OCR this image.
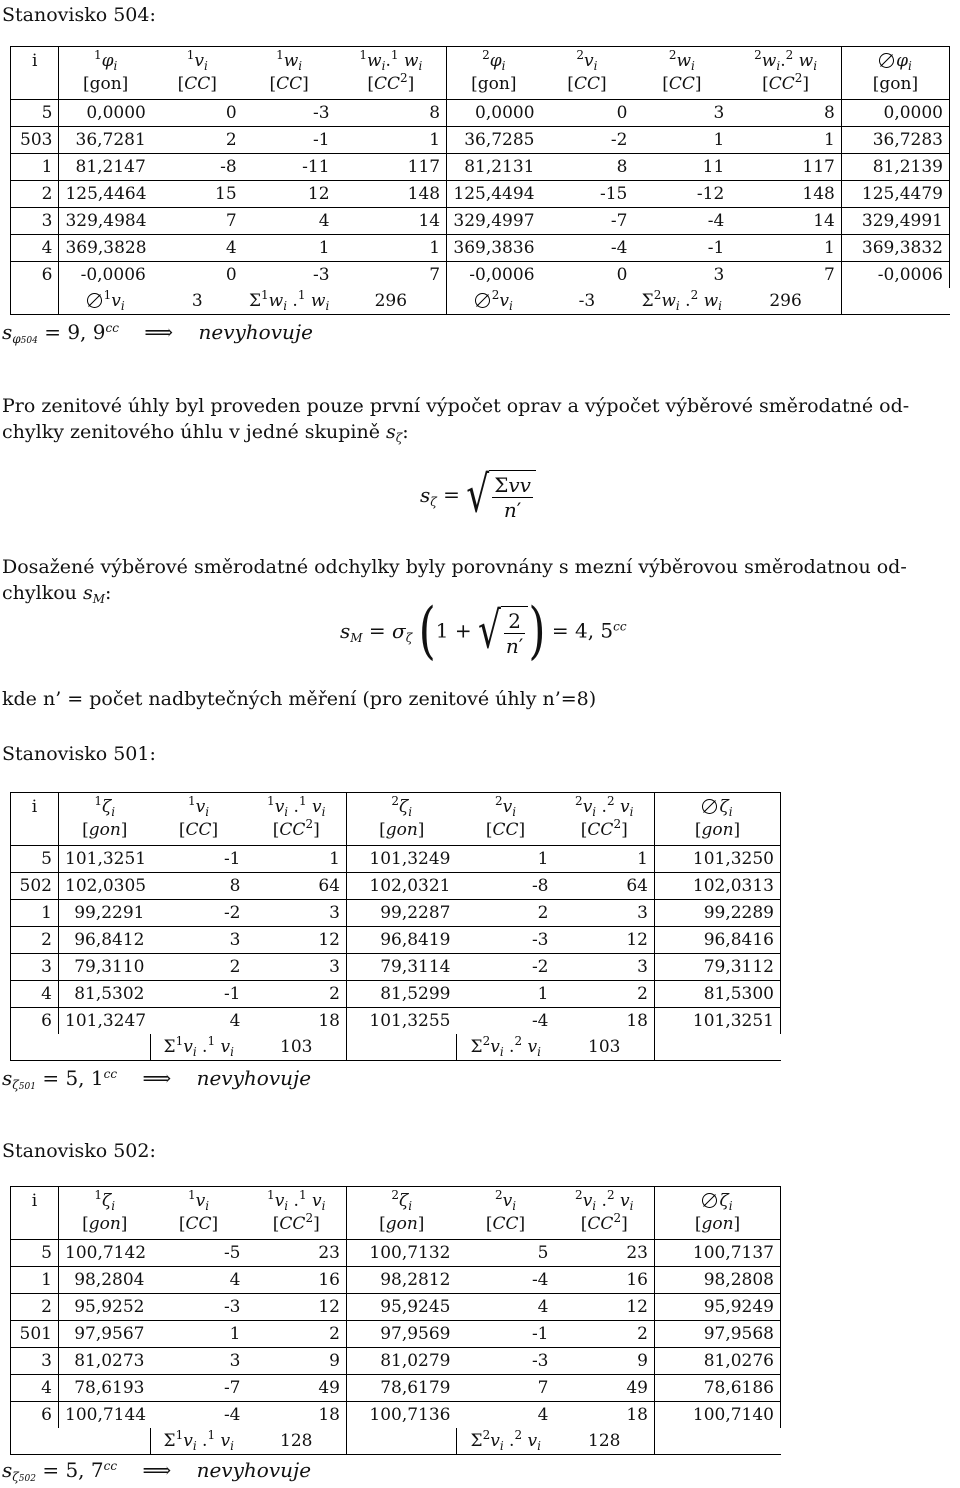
Stanovisko 504:
i	$^1\varphi_i$	$^1v_i$	$^1w_i$	$^1w_i.^1$ $w_i$	$^2\varphi_i$	$^2v_i$	$^2w_i$	$^2w_i.^2$ $w_i$	$\varphi_i$
	[gon]	[CC]	[CC]	$[CC^2]$	[gon]	[CC]	[CC]	$[CC^2]$	[gon]
5	0,0000	0	-3	8	0,0000	0	3	8	0,0000
503	36,7281	2	-1	1	36,7285	-2	1	1	36,7283
1	81,2147	-8	-11	117	81,2131	8	11	117	81,2139
2	125,4464	15	12	148	125,4494	-15	-12	148	125,4479
3	329,4984	7	4	14	329,4997	-7	-4	14	329,4991
4	369,3828	4	1	1	369,3836	-4	-1	1	369,3832
6	-0,0006	0	-3	7	-0,0006	0	3	7	-0,0006
	$^1v_i$	3	$\Sigma^1w_i$ .$^1$ $w_i$	296	$^2v_i$	-3	$\Sigma^2w_i$ .$^2$ $w_i$	296	
$s_{\varphi 504} = 9$, $9^{cc}$    ⟹    nevyhovuje
Pro zenitové úhly byl proveden pouze první výpočet oprav a výpočet výběrové směrodatné od-
chylky zenitového úhlu v jedné skupině $s_\zeta$:
$s_\zeta$ = √ $\frac{\text{Σvv}}{n'}$
Dosažené výběrové směrodatné odchylky byly porovnány s mezní výběrovou směrodatnou od-
chylkou $s_M$:
$s_M = \sigma_\zeta$ (1 + √ $\frac{2}{n'}$ ) = 4, $5^{cc}$
kde n’ = počet nadbytečných měření (pro zenitové úhly n’=8)
Stanovisko 501:
i	$^1\zeta_i$	$^1v_i$	$^1v_i$ .$^1$ $v_i$	$^2\zeta_i$	$^2v_i$	$^2v_i$ .$^2$ $v_i$	$\zeta_i$
	[gon]	[CC]	$[CC^2]$	[gon]	[CC]	$[CC^2]$	[gon]
5	101,3251	-1	1	101,3249	1	1	101,3250
502	102,0305	8	64	102,0321	-8	64	102,0313
1	99,2291	-2	3	99,2287	2	3	99,2289
2	96,8412	3	12	96,8419	-3	12	96,8416
3	79,3110	2	3	79,3114	-2	3	79,3112
4	81,5302	-1	2	81,5299	1	2	81,5300
6	101,3247	4	18	101,3255	-4	18	101,3251
		$\Sigma^1v_i$ .$^1$ $v_i$	103		$\Sigma^2v_i$ .$^2$ $v_i$	103	
$s_{\zeta 501} = 5$, $1^{cc}$    ⟹    nevyhovuje
Stanovisko 502:
i	$^1\zeta_i$	$^1v_i$	$^1v_i$ .$^1$ $v_i$	$^2\zeta_i$	$^2v_i$	$^2v_i$ .$^2$ $v_i$	$\zeta_i$
	[gon]	[CC]	$[CC^2]$	[gon]	[CC]	$[CC^2]$	[gon]
5	100,7142	-5	23	100,7132	5	23	100,7137
1	98,2804	4	16	98,2812	-4	16	98,2808
2	95,9252	-3	12	95,9245	4	12	95,9249
501	97,9567	1	2	97,9569	-1	2	97,9568
3	81,0273	3	9	81,0279	-3	9	81,0276
4	78,6193	-7	49	78,6179	7	49	78,6186
6	100,7144	-4	18	100,7136	4	18	100,7140
		$\Sigma^1v_i$ .$^1$ $v_i$	128		$\Sigma^2v_i$ .$^2$ $v_i$	128	
$s_{\zeta 502} = 5$, $7^{cc}$    ⟹    nevyhovuje
